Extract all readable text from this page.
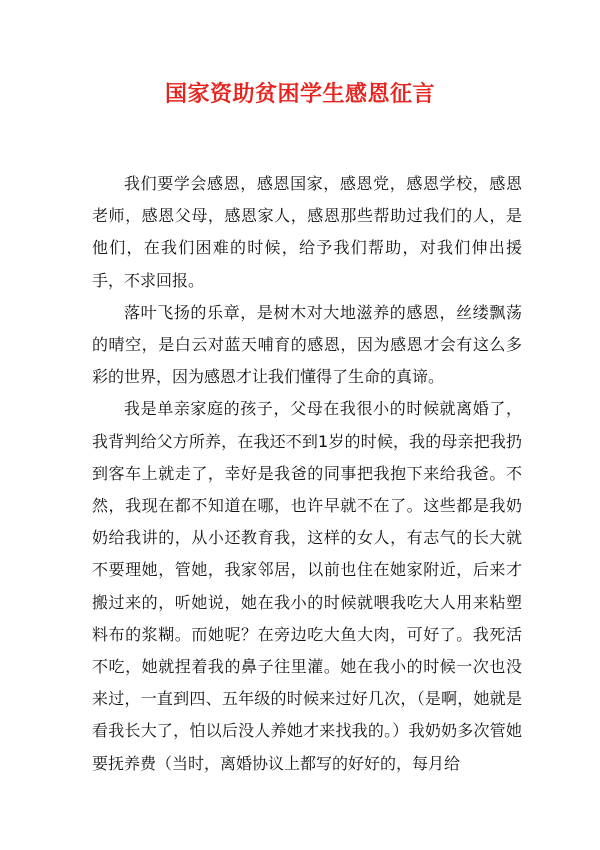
国家资助贫困学生感恩征言

我们要学会感恩，感恩国家，感恩党，感恩学校，感恩老师，感恩父母，感恩家人，感恩那些帮助过我们的人，是他们，在我们困难的时候，给予我们帮助，对我们伸出援手，不求回报。

落叶飞扬的乐章，是树木对大地滋养的感恩，丝缕飘荡的晴空，是白云对蓝天哺育的感恩，因为感恩才会有这么多彩的世界，因为感恩才让我们懂得了生命的真谛。

我是单亲家庭的孩子，父母在我很小的时候就离婚了，我背判给父方所养，在我还不到1岁的时候，我的母亲把我扔到客车上就走了，幸好是我爸的同事把我抱下来给我爸。不然，我现在都不知道在哪，也许早就不在了。这些都是我奶奶给我讲的，从小还教育我，这样的女人，有志气的长大就不要理她，管她，我家邻居，以前也住在她家附近，后来才搬过来的，听她说，她在我小的时候就喂我吃大人用来粘塑料布的浆糊。而她呢？在旁边吃大鱼大肉，可好了。我死活不吃，她就捏着我的鼻子往里灌。她在我小的时候一次也没来过，一直到四、五年级的时候来过好几次，（是啊，她就是看我长大了，怕以后没人养她才来找我的。）我奶奶多次管她要抚养费（当时，离婚协议上都写的好好的，每月给
